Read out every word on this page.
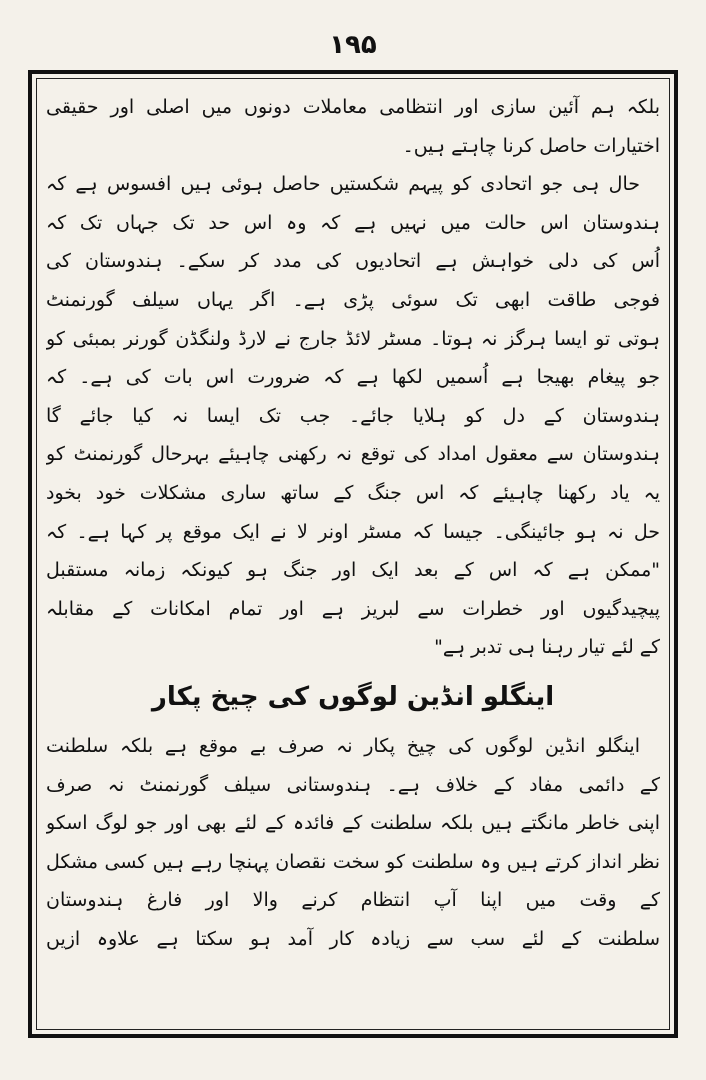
۱۹۵
بلکہ ہم آئین سازی اور انتظامی معاملات دونوں میں اصلی اور حقیقی
اختیارات حاصل کرنا چاہتے ہیں۔
حال ہی جو اتحادی کو پیہم شکستیں حاصل ہوئی ہیں افسوس ہے کہ
ہندوستان اس حالت میں نہیں ہے کہ وہ اس حد تک جہاں تک کہ
اُس کی دلی خواہش ہے اتحادیوں کی مدد کر سکے۔ ہندوستان کی
فوجی طاقت ابھی تک سوئی پڑی ہے۔ اگر یہاں سیلف گورنمنٹ
ہوتی تو ایسا ہرگز نہ ہوتا۔ مسٹر لائڈ جارج نے لارڈ ولنگڈن گورنر بمبئی کو
جو پیغام بھیجا ہے اُسمیں لکھا ہے کہ ضرورت اس بات کی ہے۔ کہ
ہندوستان کے دل کو ہلایا جائے۔ جب تک ایسا نہ کیا جائے گا
ہندوستان سے معقول امداد کی توقع نہ رکھنی چاہیئے بہرحال گورنمنٹ کو
یہ یاد رکھنا چاہیئے کہ اس جنگ کے ساتھ ساری مشکلات خود بخود
حل نہ ہو جائینگی۔ جیسا کہ مسٹر اونر لا نے ایک موقع پر کہا ہے۔ کہ
"ممکن ہے کہ اس کے بعد ایک اور جنگ ہو کیونکہ زمانہ مستقبل
پیچیدگیوں اور خطرات سے لبریز ہے اور تمام امکانات کے مقابلہ
کے لئے تیار رہنا ہی تدبر ہے"
اینگلو انڈین لوگوں کی چیخ پکار
اینگلو انڈین لوگوں کی چیخ پکار نہ صرف بے موقع ہے بلکہ سلطنت
کے دائمی مفاد کے خلاف ہے۔ ہندوستانی سیلف گورنمنٹ نہ صرف
اپنی خاطر مانگتے ہیں بلکہ سلطنت کے فائدہ کے لئے بھی اور جو لوگ اسکو
نظر انداز کرتے ہیں وہ سلطنت کو سخت نقصان پہنچا رہے ہیں کسی مشکل
کے وقت میں اپنا آپ انتظام کرنے والا اور فارغ ہندوستان
سلطنت کے لئے سب سے زیادہ کار آمد ہو سکتا ہے علاوہ ازیں
